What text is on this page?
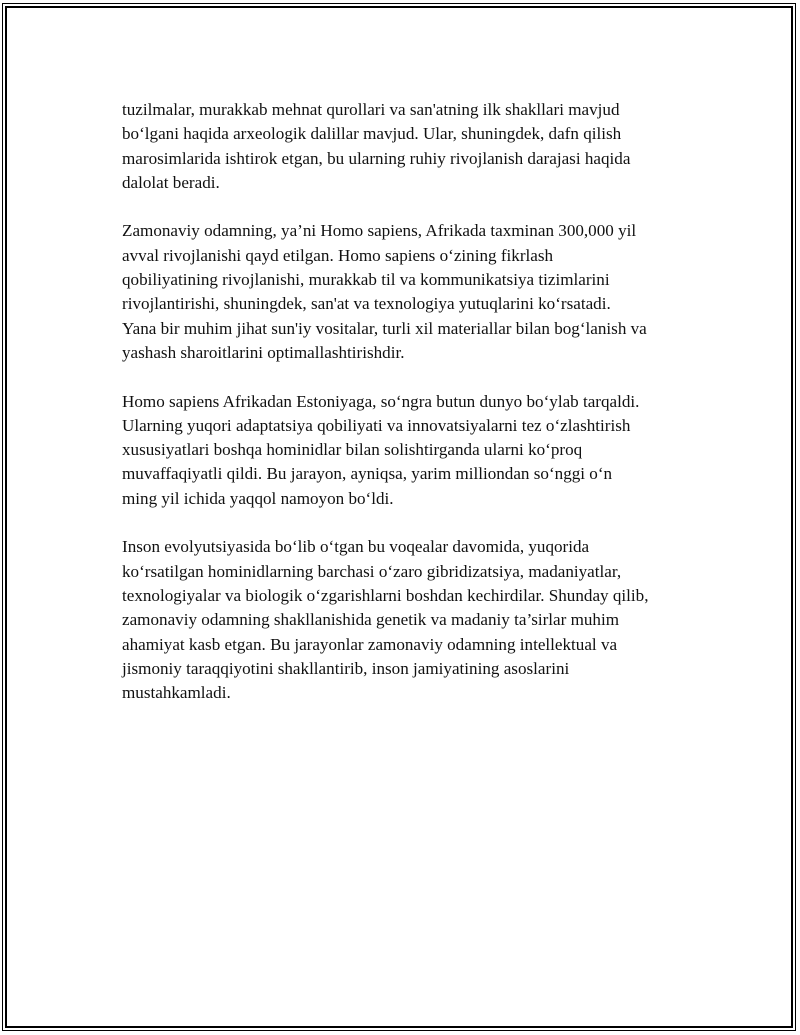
tuzilmalar, murakkab mehnat qurollari va san'atning ilk shakllari mavjud
bo‘lgani haqida arxeologik dalillar mavjud. Ular, shuningdek, dafn qilish
marosimlarida ishtirok etgan, bu ularning ruhiy rivojlanish darajasi haqida
dalolat beradi.

Zamonaviy odamning, ya’ni Homo sapiens, Afrikada taxminan 300,000 yil
avval rivojlanishi qayd etilgan. Homo sapiens o‘zining fikrlash
qobiliyatining rivojlanishi, murakkab til va kommunikatsiya tizimlarini
rivojlantirishi, shuningdek, san'at va texnologiya yutuqlarini ko‘rsatadi.
Yana bir muhim jihat sun'iy vositalar, turli xil materiallar bilan bog‘lanish va
yashash sharoitlarini optimallashtirishdir.

Homo sapiens Afrikadan Estoniyaga, so‘ngra butun dunyo bo‘ylab tarqaldi.
Ularning yuqori adaptatsiya qobiliyati va innovatsiyalarni tez o‘zlashtirish
xususiyatlari boshqa hominidlar bilan solishtirganda ularni ko‘proq
muvaffaqiyatli qildi. Bu jarayon, ayniqsa, yarim milliondan so‘nggi o‘n
ming yil ichida yaqqol namoyon bo‘ldi.

Inson evolyutsiyasida bo‘lib o‘tgan bu voqealar davomida, yuqorida
ko‘rsatilgan hominidlarning barchasi o‘zaro gibridizatsiya, madaniyatlar,
texnologiyalar va biologik o‘zgarishlarni boshdan kechirdilar. Shunday qilib,
zamonaviy odamning shakllanishida genetik va madaniy ta’sirlar muhim
ahamiyat kasb etgan. Bu jarayonlar zamonaviy odamning intellektual va
jismoniy taraqqiyotini shakllantirib, inson jamiyatining asoslarini
mustahkamladi.
